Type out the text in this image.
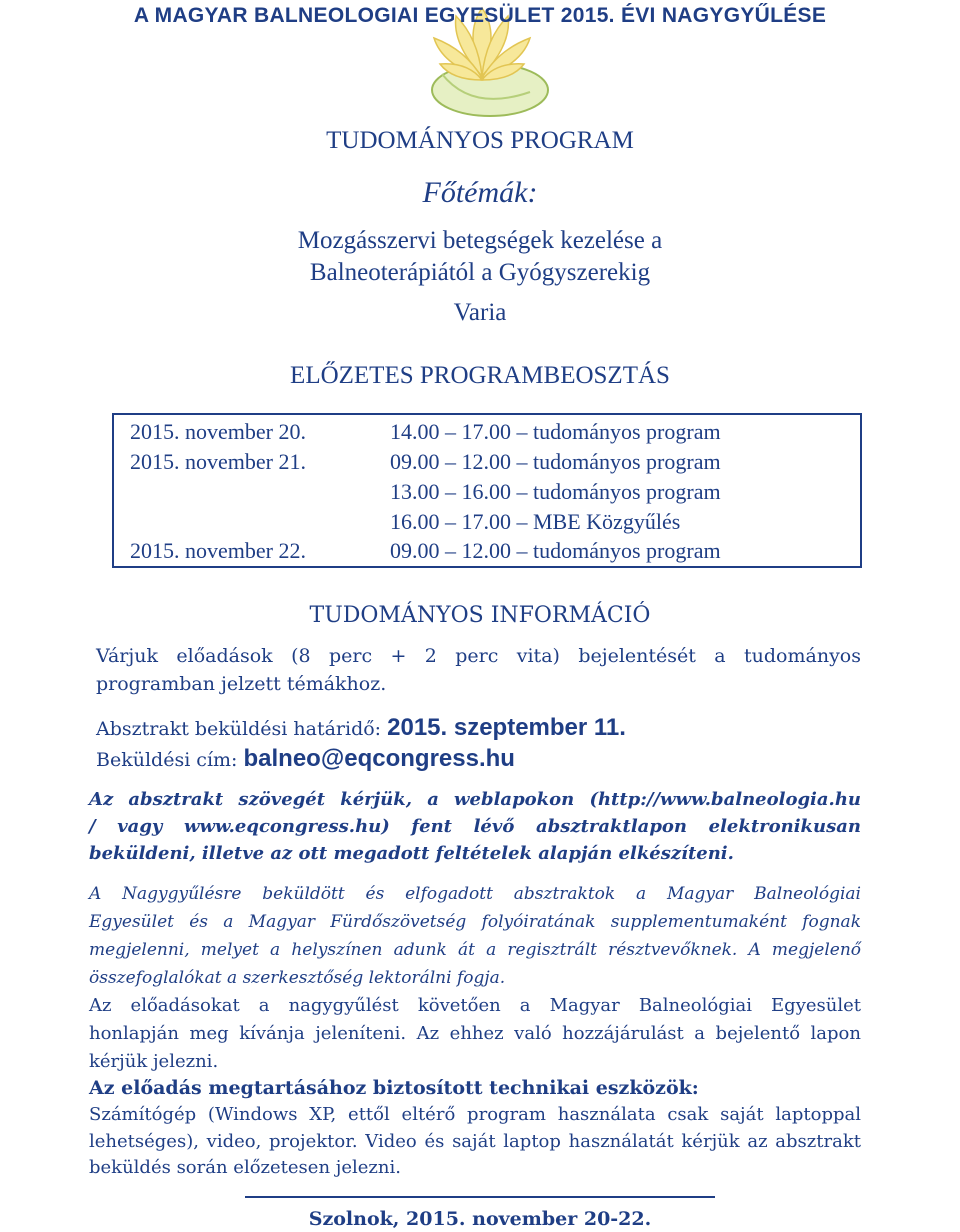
A MAGYAR BALNEOLOGIAI EGYESÜLET 2015. ÉVI NAGYGYŰLÉSE
TUDOMÁNYOS PROGRAM
Főtémák:
Mozgásszervi betegségek kezelése a
Balneoterápiától a Gyógyszerekig
Varia
ELŐZETES PROGRAMBEOSZTÁS
2015. november 20.
2015. november 21.
2015. november 22.
14.00 – 17.00 – tudományos program
09.00 – 12.00 – tudományos program
13.00 – 16.00 – tudományos program
16.00 – 17.00 – MBE Közgyűlés
09.00 – 12.00 – tudományos program
TUDOMÁNYOS INFORMÁCIÓ
Várjuk előadások (8 perc + 2 perc vita) bejelentését a tudományos
programban jelzett témákhoz.
Absztrakt beküldési határidő: 2015. szeptember 11.
Beküldési cím: balneo@eqcongress.hu
Az absztrakt szövegét kérjük, a weblapokon (http://www.balneologia.hu
/ vagy www.eqcongress.hu) fent lévő absztraktlapon elektronikusan
beküldeni, illetve az ott megadott feltételek alapján elkészíteni.
A Nagygyűlésre beküldött és elfogadott absztraktok a Magyar Balneológiai
Egyesület és a Magyar Fürdőszövetség folyóiratának supplementumaként fognak
megjelenni, melyet a helyszínen adunk át a regisztrált résztvevőknek. A megjelenő
összefoglalókat a szerkesztőség lektorálni fogja.
Az előadásokat a nagygyűlést követően a Magyar Balneológiai Egyesület
honlapján meg kívánja jeleníteni. Az ehhez való hozzájárulást a bejelentő lapon
kérjük jelezni.
Az előadás megtartásához biztosított technikai eszközök:
Számítógép (Windows XP, ettől eltérő program használata csak saját laptoppal
lehetséges), video, projektor. Video és saját laptop használatát kérjük az absztrakt
beküldés során előzetesen jelezni.
Szolnok, 2015. november 20-22.
